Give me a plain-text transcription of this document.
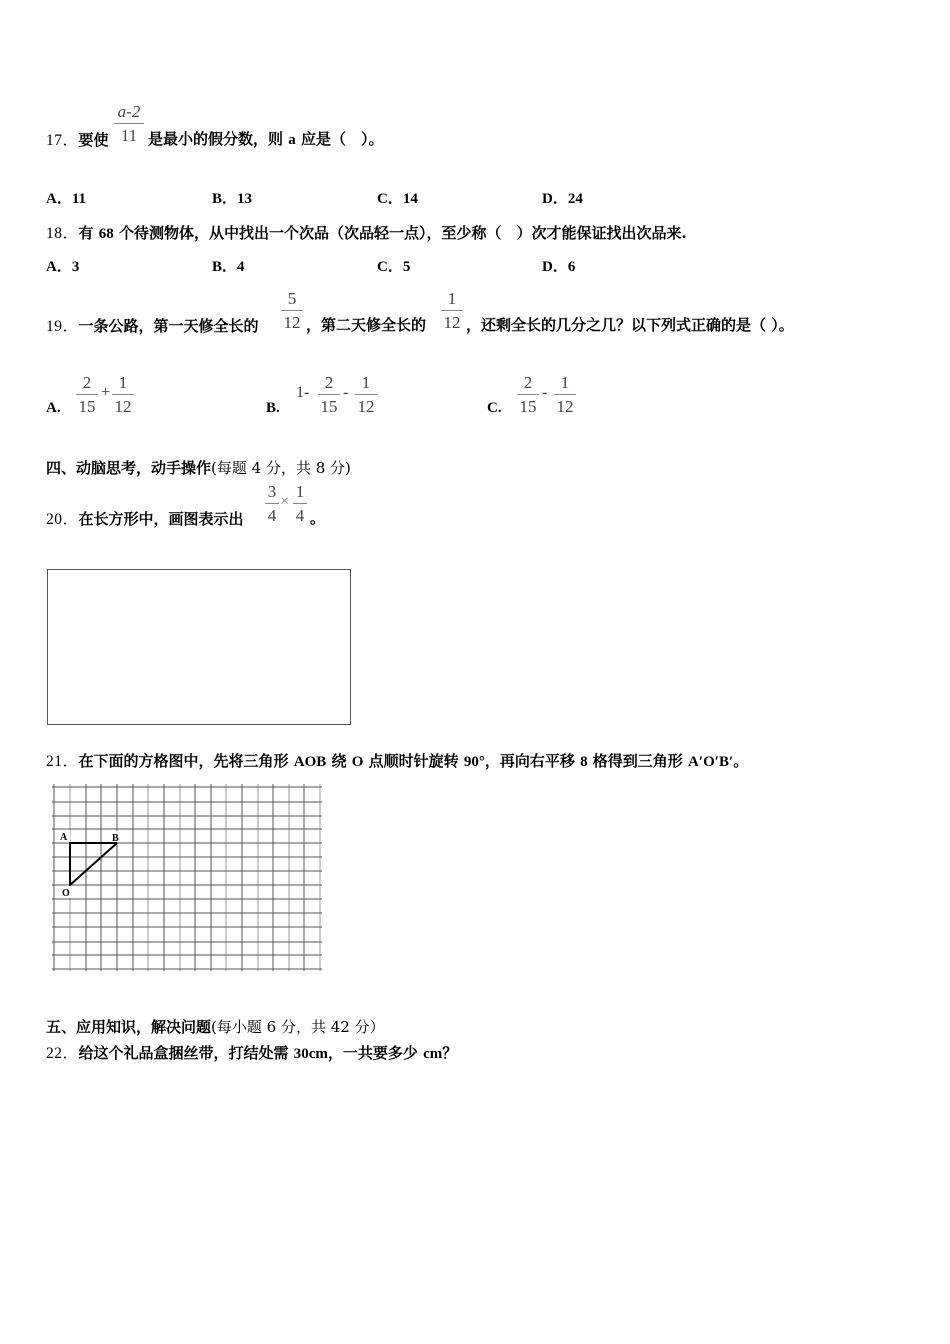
17．要使
a-2
11 是最小的假分数，则 a 应是（　）。
A．11	B．13	C．14	D．24
18．有 68 个待测物体，从中找出一个次品（次品轻一点），至少称（　）次才能保证找出次品来.
A．3	B．4	C．5	D．6
19．一条公路，第一天修全长的
5
12 ，第二天修全长的
1
12 ，还剩全长的几分之几？以下列式正确的是（ ）。
A.
2
15
+
1
12	B.
1-
2
15
-
1
12	C.
2
15
-
1
12
四、动脑思考，动手操作(每题 4 分，共 8 分)
20．在长方形中，画图表示出
3
4
×
1
4 。
21．在下面的方格图中，先将三角形 AOB 绕 O 点顺时针旋转 90°，再向右平移 8 格得到三角形 A′O′B′。
A	B
O
五、应用知识，解决问题(每小题 6 分，共 42 分）
22．给这个礼品盒捆丝带，打结处需 30cm，一共要多少 cm？
